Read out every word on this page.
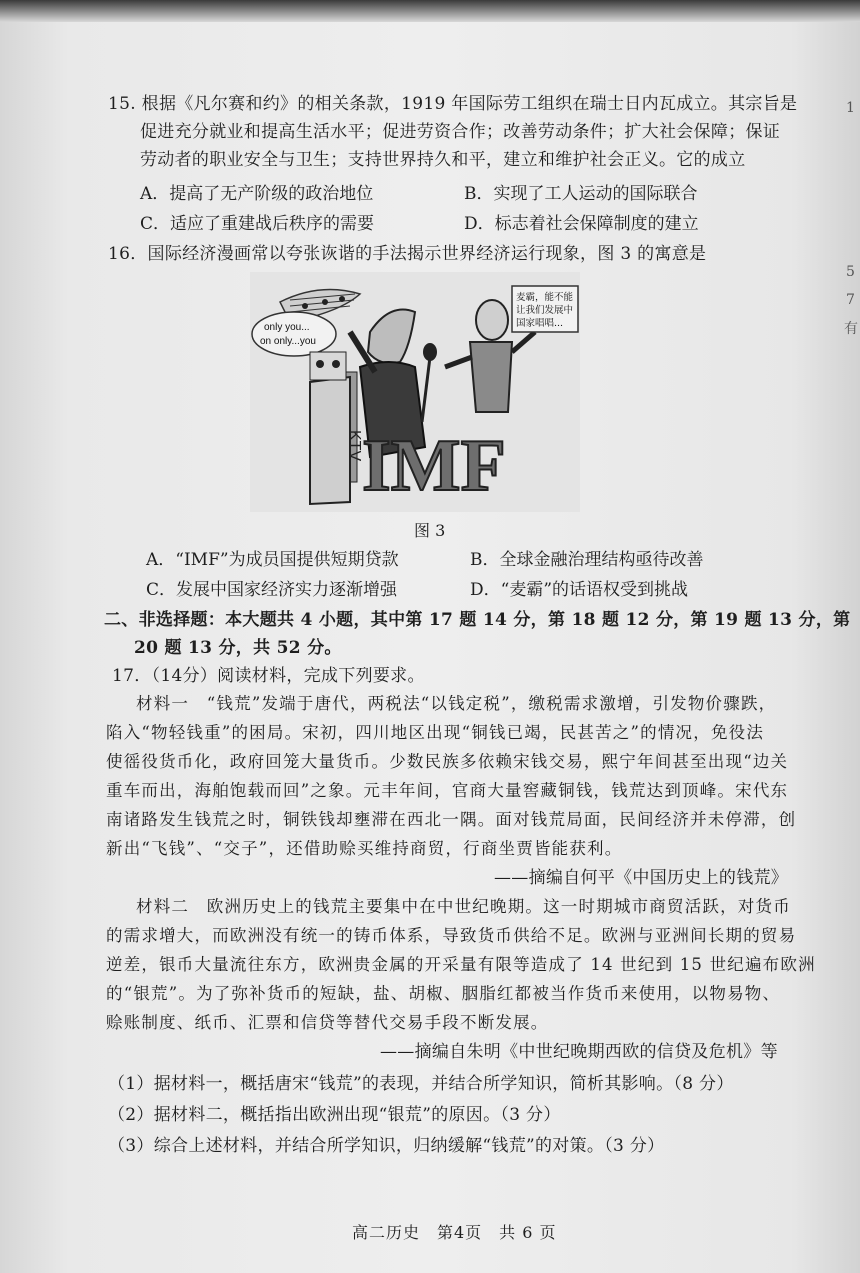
15. 根据《凡尔赛和约》的相关条款，1919 年国际劳工组织在瑞士日内瓦成立。其宗旨是
促进充分就业和提高生活水平；促进劳资合作；改善劳动条件；扩大社会保障；保证
劳动者的职业安全与卫生；支持世界持久和平，建立和维护社会正义。它的成立
A．提高了无产阶级的政治地位	B．实现了工人运动的国际联合
C．适应了重建战后秩序的需要	D．标志着社会保障制度的建立
16．国际经济漫画常以夸张诙谐的手法揭示世界经济运行现象，图 3 的寓意是
only you...
on only...you
KTV
麦霸，能不能
让我们发展中
国家唱唱...
IMF
图 3
A．“IMF”为成员国提供短期贷款	B．全球金融治理结构亟待改善
C．发展中国家经济实力逐渐增强	D．“麦霸”的话语权受到挑战
二、非选择题：本大题共 4 小题，其中第 17 题 14 分，第 18 题 12 分，第 19 题 13 分，第
20 题 13 分，共 52 分。
17．（14分）阅读材料，完成下列要求。
材料一　“钱荒”发端于唐代，两税法“以钱定税”，缴税需求激增，引发物价骤跌，
陷入“物轻钱重”的困局。宋初，四川地区出现“铜钱已竭，民甚苦之”的情况，免役法
使徭役货币化，政府回笼大量货币。少数民族多依赖宋钱交易，熙宁年间甚至出现“边关
重车而出，海舶饱载而回”之象。元丰年间，官商大量窖藏铜钱，钱荒达到顶峰。宋代东
南诸路发生钱荒之时，铜铁钱却壅滞在西北一隅。面对钱荒局面，民间经济并未停滞，创
新出“飞钱”、“交子”，还借助赊买维持商贸，行商坐贾皆能获利。
——摘编自何平《中国历史上的钱荒》
材料二　欧洲历史上的钱荒主要集中在中世纪晚期。这一时期城市商贸活跃，对货币
的需求增大，而欧洲没有统一的铸币体系，导致货币供给不足。欧洲与亚洲间长期的贸易
逆差，银币大量流往东方，欧洲贵金属的开采量有限等造成了 14 世纪到 15 世纪遍布欧洲
的“银荒”。为了弥补货币的短缺，盐、胡椒、胭脂红都被当作货币来使用，以物易物、
赊账制度、纸币、汇票和信贷等替代交易手段不断发展。
——摘编自朱明《中世纪晚期西欧的信贷及危机》等
（1）据材料一，概括唐宋“钱荒”的表现，并结合所学知识，简析其影响。（8 分）
（2）据材料二，概括指出欧洲出现“银荒”的原因。（3 分）
（3）综合上述材料，并结合所学知识，归纳缓解“钱荒”的对策。（3 分）
高二历史　第4页　共 6 页
1
5
7
有
